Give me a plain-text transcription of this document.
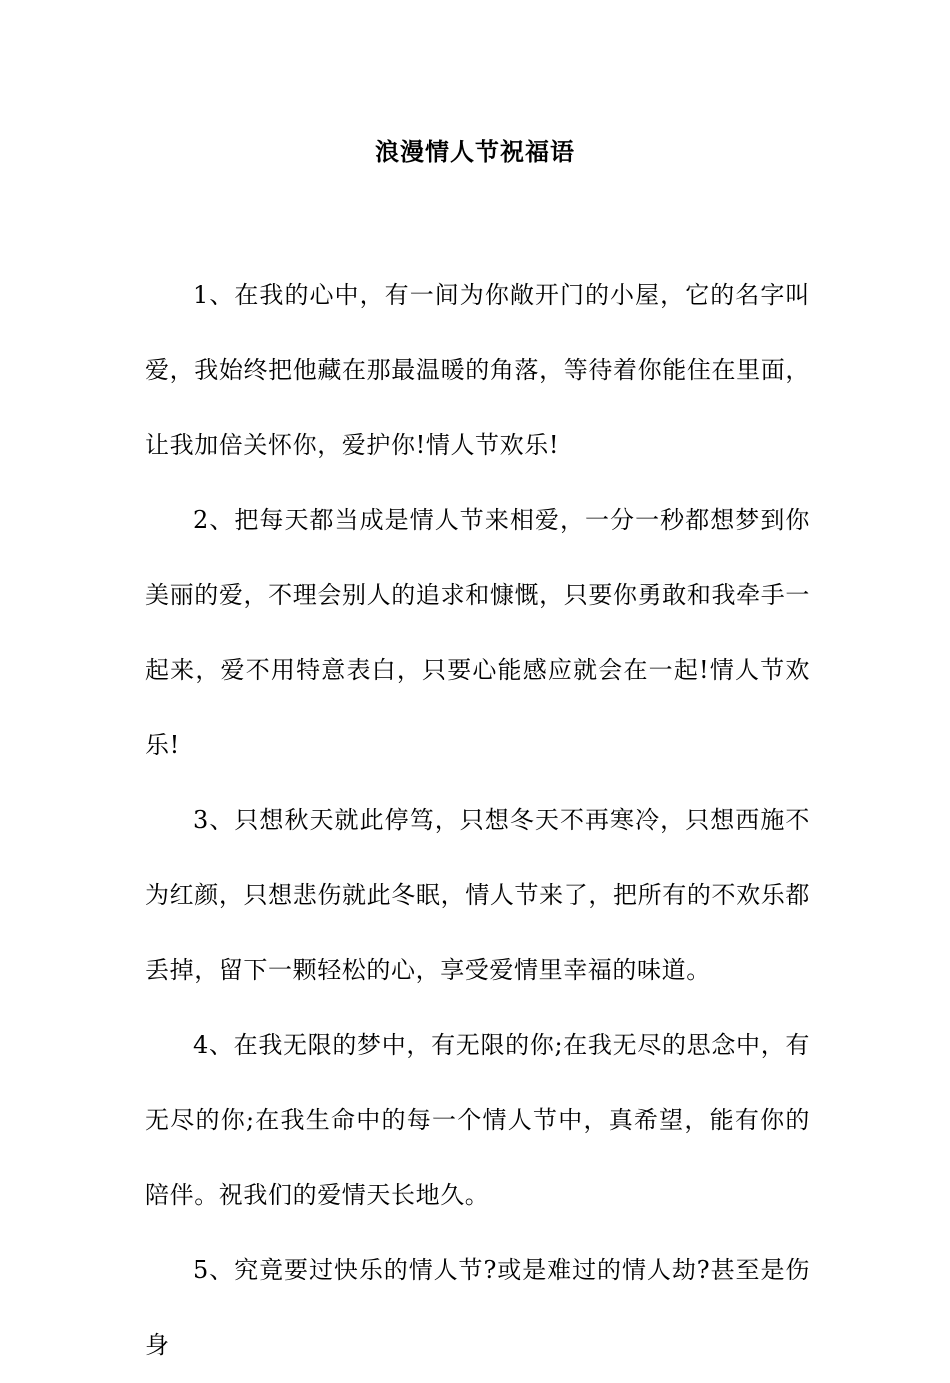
浪漫情人节祝福语

1、在我的心中，有一间为你敞开门的小屋，它的名字叫爱，我始终把他藏在那最温暖的角落，等待着你能住在里面，让我加倍关怀你，爱护你!情人节欢乐!

2、把每天都当成是情人节来相爱，一分一秒都想梦到你美丽的爱，不理会别人的追求和慷慨，只要你勇敢和我牵手一起来，爱不用特意表白，只要心能感应就会在一起!情人节欢乐!

3、只想秋天就此停笃，只想冬天不再寒冷，只想西施不为红颜，只想悲伤就此冬眠，情人节来了，把所有的不欢乐都丢掉，留下一颗轻松的心，享受爱情里幸福的味道。

4、在我无限的梦中，有无限的你;在我无尽的思念中，有无尽的你;在我生命中的每一个情人节中，真希望，能有你的陪伴。祝我们的爱情天长地久。

5、究竟要过快乐的情人节?或是难过的情人劫?甚至是伤身
